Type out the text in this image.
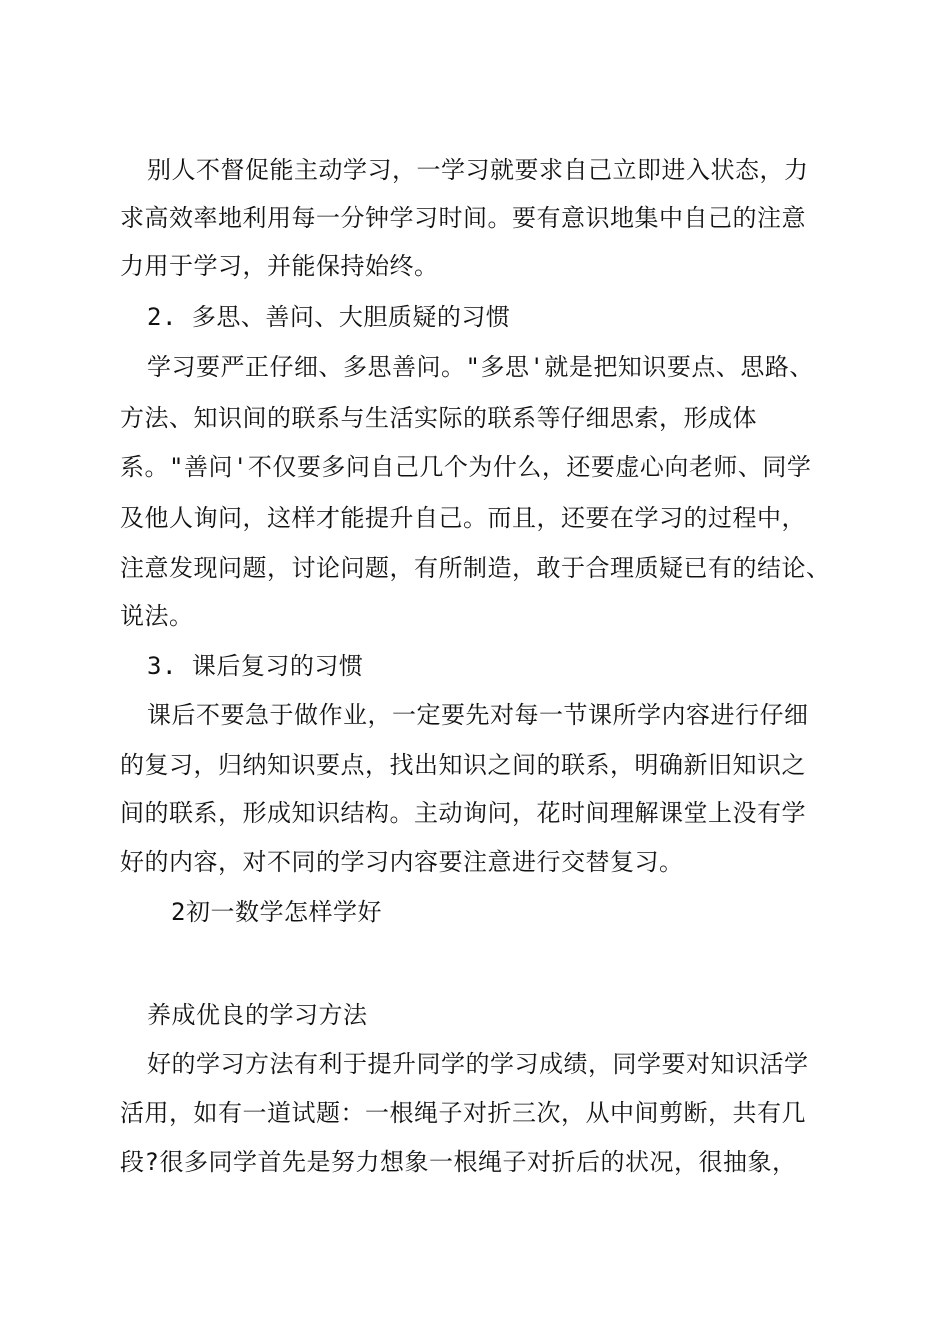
别人不督促能主动学习，一学习就要求自己立即进入状态，力
求高效率地利用每一分钟学习时间。要有意识地集中自己的注意
力用于学习，并能保持始终。
2. 多思、善问、大胆质疑的习惯
学习要严正仔细、多思善问。"多思'就是把知识要点、思路、
方法、知识间的联系与生活实际的联系等仔细思索，形成体
系。"善问'不仅要多问自己几个为什么，还要虚心向老师、同学
及他人询问，这样才能提升自己。而且，还要在学习的过程中，
注意发现问题，讨论问题，有所制造，敢于合理质疑已有的结论、
说法。
3. 课后复习的习惯
课后不要急于做作业，一定要先对每一节课所学内容进行仔细
的复习，归纳知识要点，找出知识之间的联系，明确新旧知识之
间的联系，形成知识结构。主动询问，花时间理解课堂上没有学
好的内容，对不同的学习内容要注意进行交替复习。
2初一数学怎样学好
养成优良的学习方法
好的学习方法有利于提升同学的学习成绩，同学要对知识活学
活用，如有一道试题：一根绳子对折三次，从中间剪断，共有几
段?很多同学首先是努力想象一根绳子对折后的状况，很抽象，
